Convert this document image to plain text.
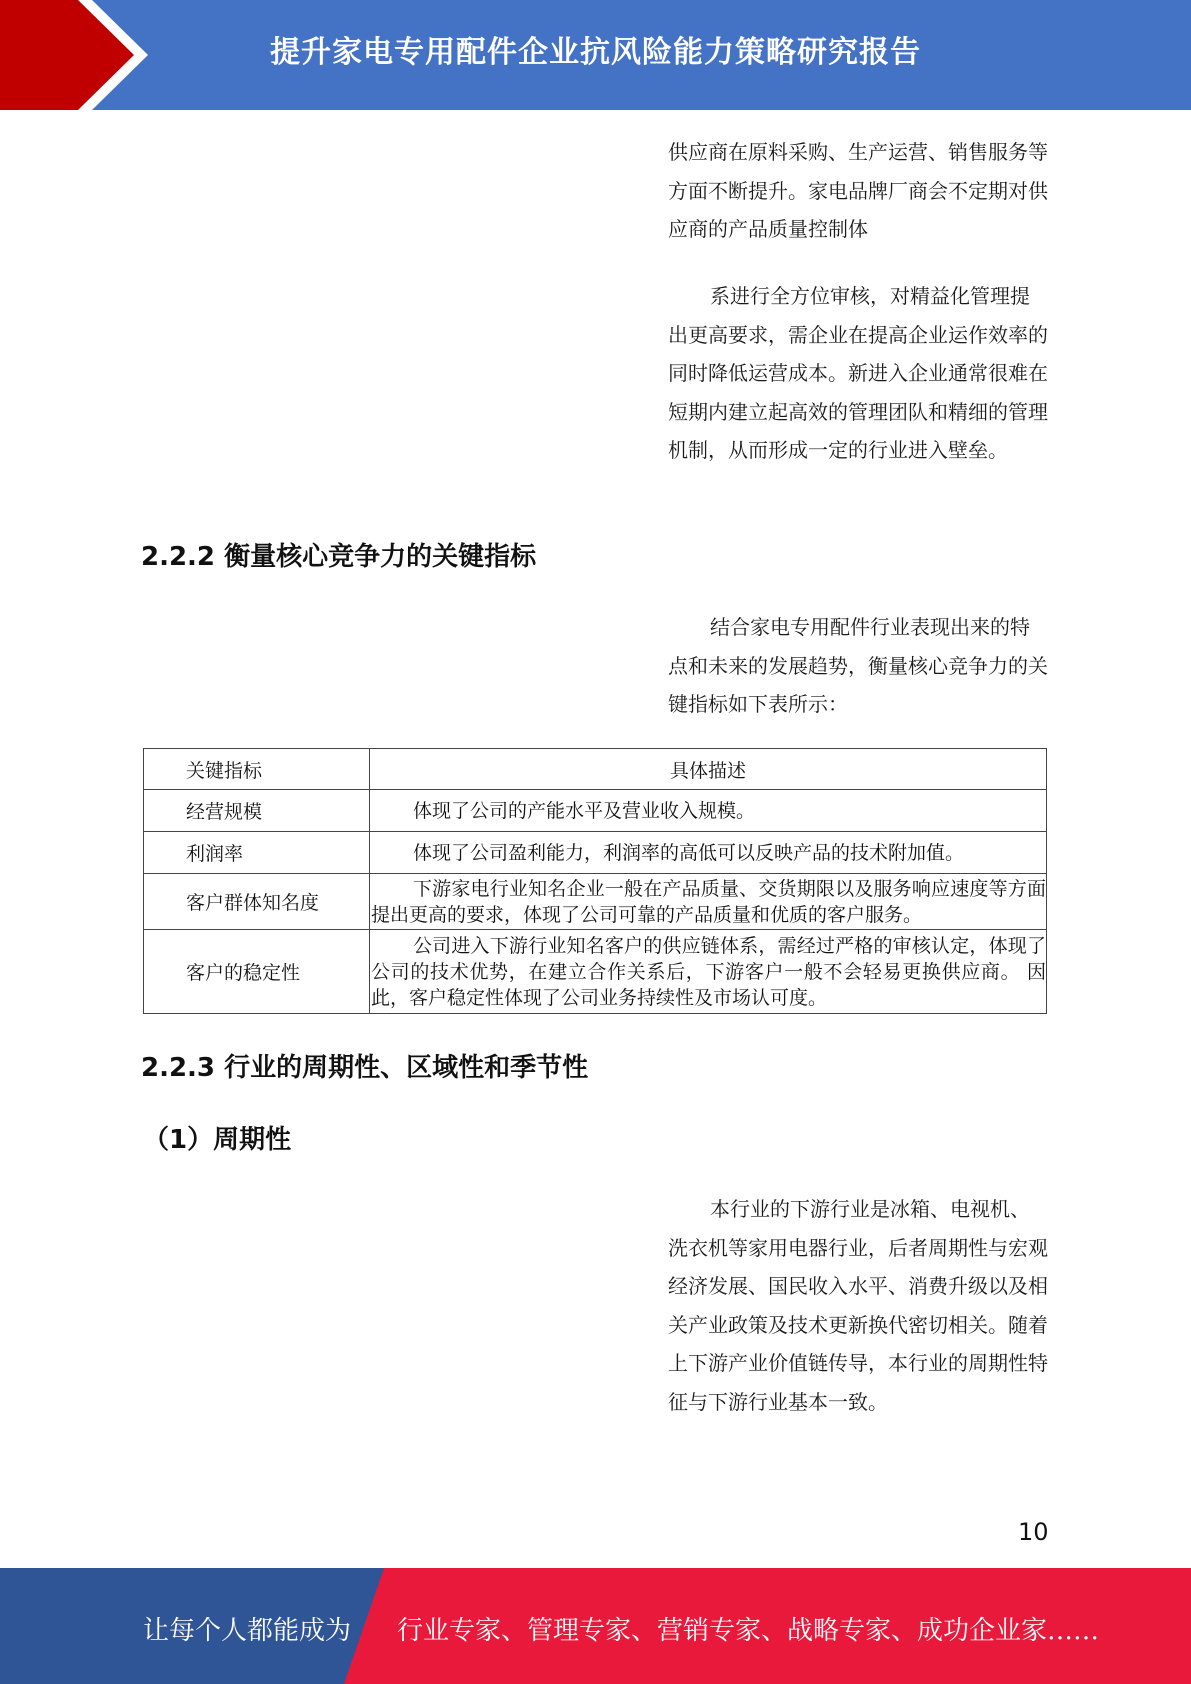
提升家电专用配件企业抗风险能力策略研究报告

供应商在原料采购、生产运营、销售服务等方面不断提升。家电品牌厂商会不定期对供应商的产品质量控制体

系进行全方位审核，对精益化管理提出更高要求，需企业在提高企业运作效率的同时降低运营成本。新进入企业通常很难在短期内建立起高效的管理团队和精细的管理机制，从而形成一定的行业进入壁垒。

2.2.2 衡量核心竞争力的关键指标

结合家电专用配件行业表现出来的特点和未来的发展趋势，衡量核心竞争力的关键指标如下表所示：

关键指标	具体描述
经营规模	体现了公司的产能水平及营业收入规模。
利润率	体现了公司盈利能力，利润率的高低可以反映产品的技术附加值。
客户群体知名度	下游家电行业知名企业一般在产品质量、交货期限以及服务响应速度等方面提出更高的要求，体现了公司可靠的产品质量和优质的客户服务。
客户的稳定性	公司进入下游行业知名客户的供应链体系，需经过严格的审核认定，体现了公司的技术优势，在建立合作关系后，下游客户一般不会轻易更换供应商。 因此，客户稳定性体现了公司业务持续性及市场认可度。
2.2.3 行业的周期性、区域性和季节性
（1）周期性

本行业的下游行业是冰箱、电视机、洗衣机等家用电器行业，后者周期性与宏观经济发展、国民收入水平、消费升级以及相关产业政策及技术更新换代密切相关。随着上下游产业价值链传导，本行业的周期性特征与下游行业基本一致。

10
让每个人都能成为 行业专家、管理专家、营销专家、战略专家、成功企业家……
